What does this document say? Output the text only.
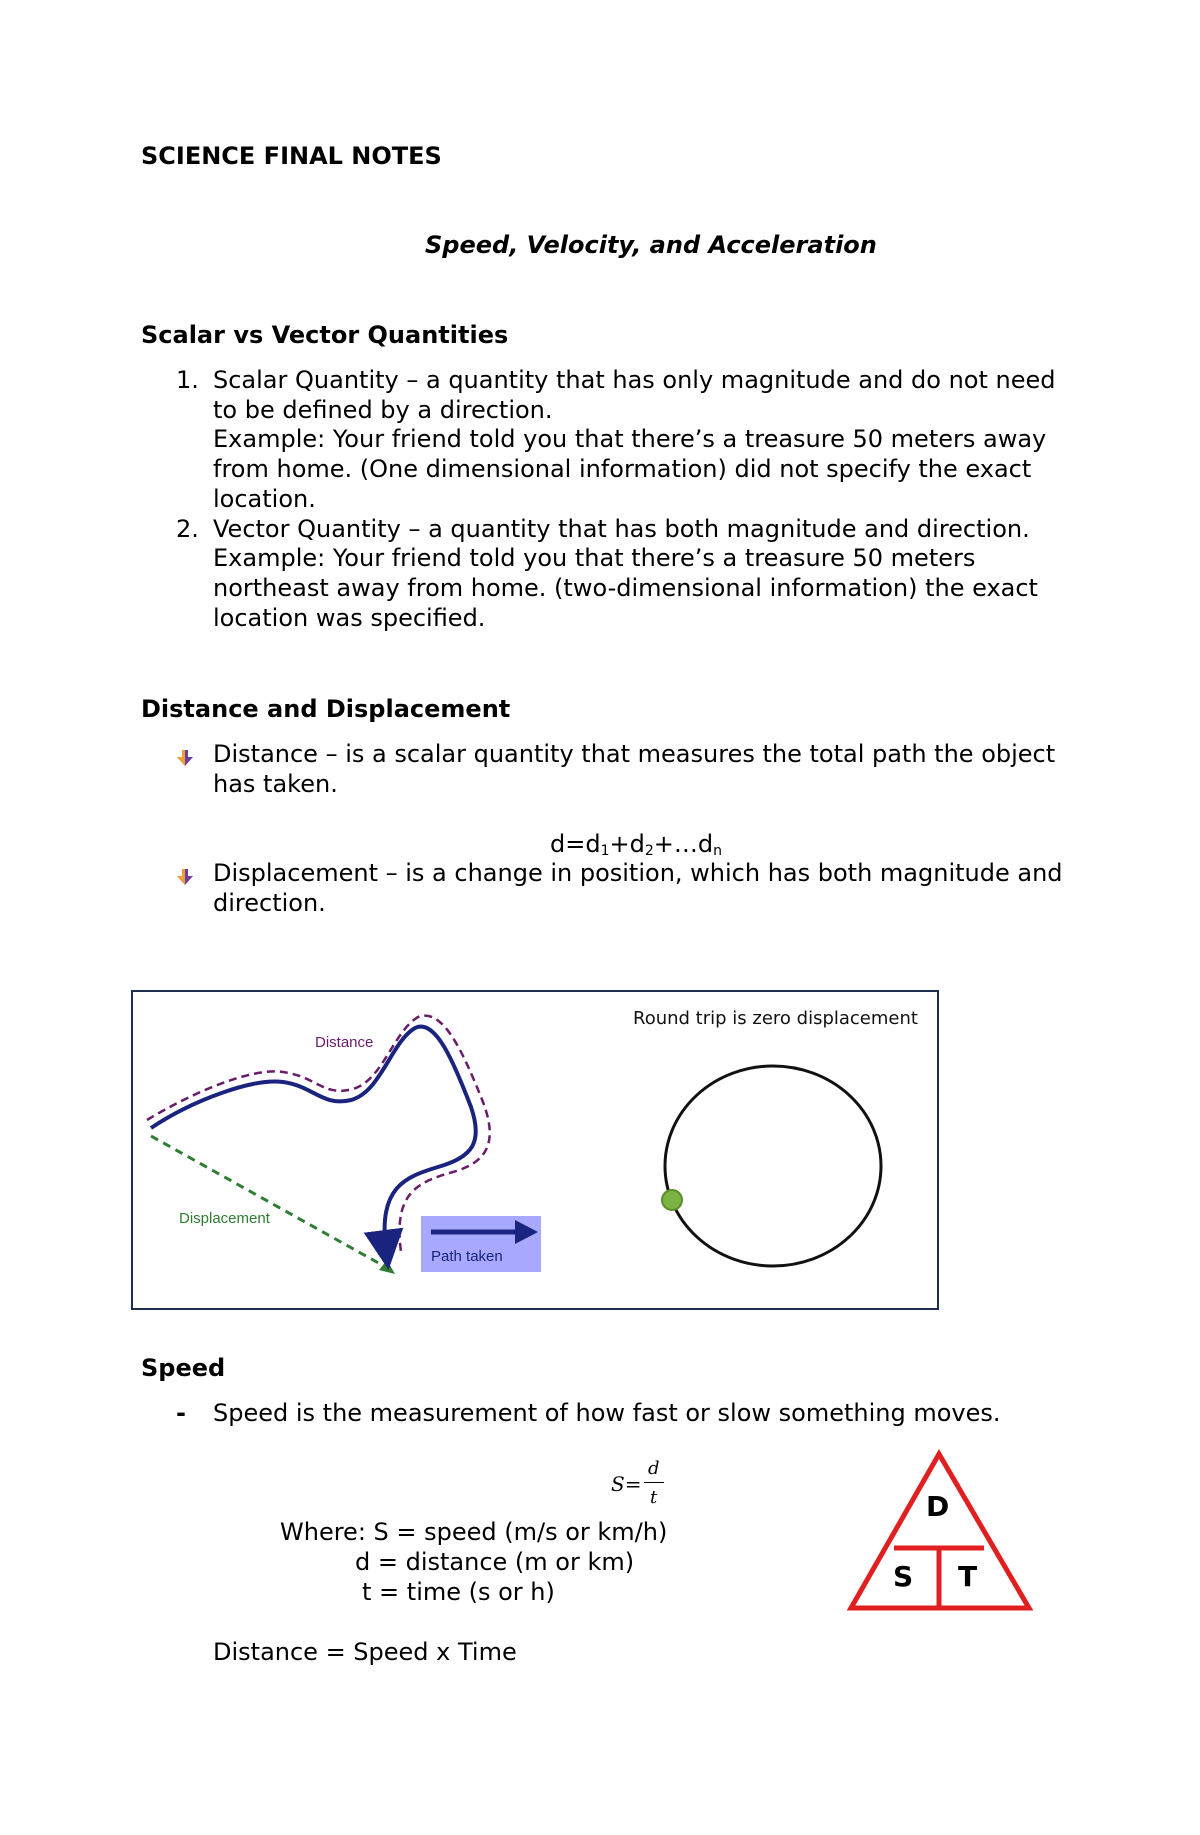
SCIENCE FINAL NOTES
Speed, Velocity, and Acceleration
Scalar vs Vector Quantities
1. Scalar Quantity – a quantity that has only magnitude and do not need
to be defined by a direction.
Example: Your friend told you that there’s a treasure 50 meters away
from home. (One dimensional information) did not specify the exact
location.
2. Vector Quantity – a quantity that has both magnitude and direction.
Example: Your friend told you that there’s a treasure 50 meters
northeast away from home. (two-dimensional information) the exact
location was specified.
Distance and Displacement
Distance – is a scalar quantity that measures the total path the object
has taken.
$d=d_1+d_2+\dots d_n$
Displacement – is a change in position, which has both magnitude and
direction.
Distance
Displacement
Path taken
Round trip is zero displacement
Speed
- Speed is the measurement of how fast or slow something moves.
S=
d
t
Where: S = speed (m/s or km/h)
d = distance (m or km)
t = time (s or h)
Distance = Speed x Time
D
S T
